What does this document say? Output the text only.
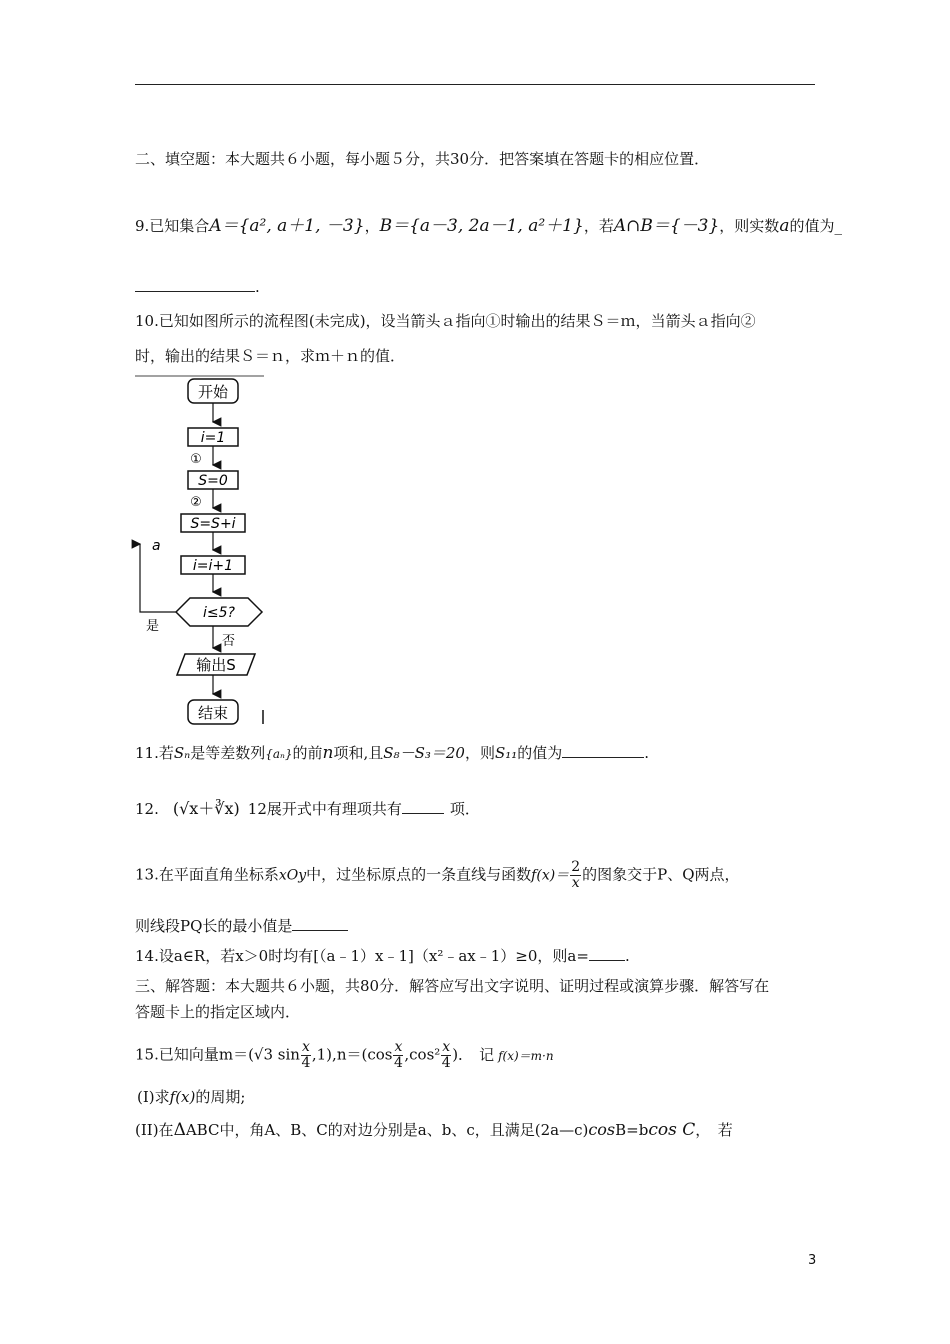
二、填空题：本大题共６小题，每小题５分，共30分．把答案填在答题卡的相应位置．
9.已知集合A＝{a², a＋1, －3}，B＝{a－3, 2a－1, a²＋1}，若A∩B＝{－3}，则实数a的值为_
.
10.已知如图所示的流程图(未完成)，设当箭头ａ指向①时输出的结果Ｓ＝ｍ，当箭头ａ指向②
时，输出的结果Ｓ＝ｎ，求ｍ＋ｎ的值．
开始
i=1
①
S=0
②
S=S+i
i=i+1
i≤5?
a
是
否
输出S
结束
11.若Sₙ是等差数列{aₙ}的前n项和,且S₈－S₃＝20，则S₁₁的值为	.
12. (√x＋∛x) 12展开式中有理项共有	项．
13.在平面直角坐标系xOy中，过坐标原点的一条直线与函数$f(x)= \frac{2}{x}$ 的图象交于P、Q两点，
则线段PQ长的最小值是
14.设a∈R，若x＞0时均有[（a﹣1）x﹣1]（x²﹣ax﹣1）≥0，则a= .
三、解答题：本大题共６小题，共80分．解答应写出文字说明、证明过程或演算步骤．解答写在
答题卡上的指定区域内．
15.已知向量m＝(√3 $\sin \frac{x}{4} ,1),n=(\cos \frac{x}{4} ,\cos^2 \frac{x}{4}$ )． 记 f(x)＝m·n
(I)求f(x)的周期;
(II)在ΔABC中，角A、B、C的对边分别是a、b、c，且满足(2a—c)cosB=bcos C，　若
3
